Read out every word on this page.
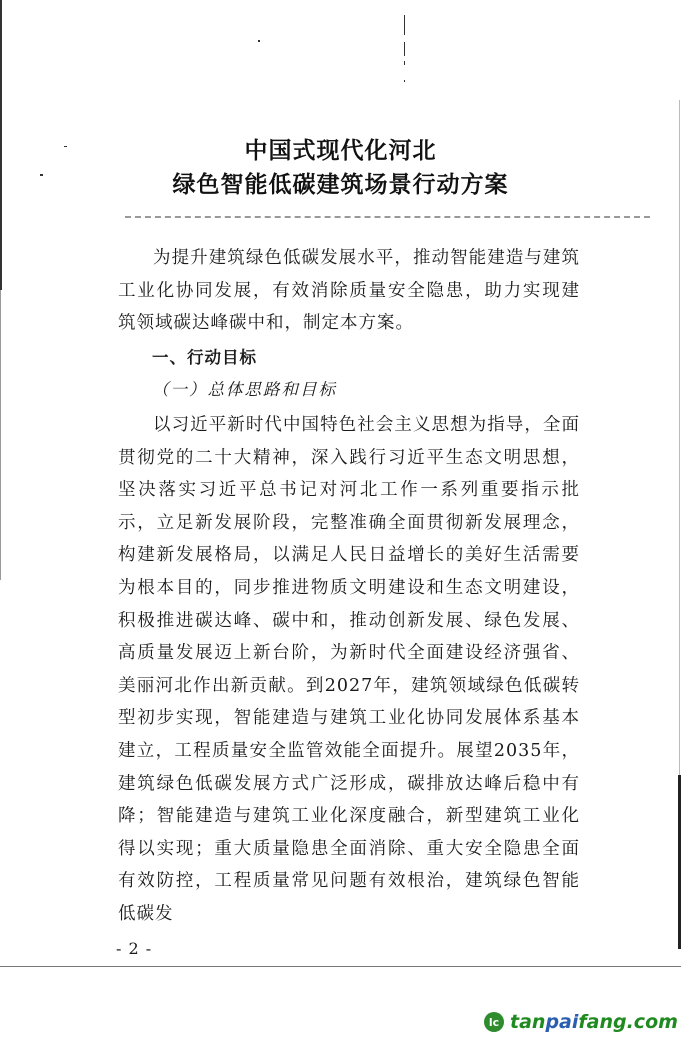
中国式现代化河北
绿色智能低碳建筑场景行动方案

为提升建筑绿色低碳发展水平，推动智能建造与建筑工业化协同发展，有效消除质量安全隐患，助力实现建筑领域碳达峰碳中和，制定本方案。

一、行动目标
（一）总体思路和目标

以习近平新时代中国特色社会主义思想为指导，全面贯彻党的二十大精神，深入践行习近平生态文明思想，坚决落实习近平总书记对河北工作一系列重要指示批示，立足新发展阶段，完整准确全面贯彻新发展理念，构建新发展格局，以满足人民日益增长的美好生活需要为根本目的，同步推进物质文明建设和生态文明建设，积极推进碳达峰、碳中和，推动创新发展、绿色发展、高质量发展迈上新台阶，为新时代全面建设经济强省、美丽河北作出新贡献。到2027年，建筑领域绿色低碳转型初步实现，智能建造与建筑工业化协同发展体系基本建立，工程质量安全监管效能全面提升。展望2035年，建筑绿色低碳发展方式广泛形成，碳排放达峰后稳中有降；智能建造与建筑工业化深度融合，新型建筑工业化得以实现；重大质量隐患全面消除、重大安全隐患全面有效防控，工程质量常见问题有效根治，建筑绿色智能低碳发

- 2 -
lc tanpaifang.com
